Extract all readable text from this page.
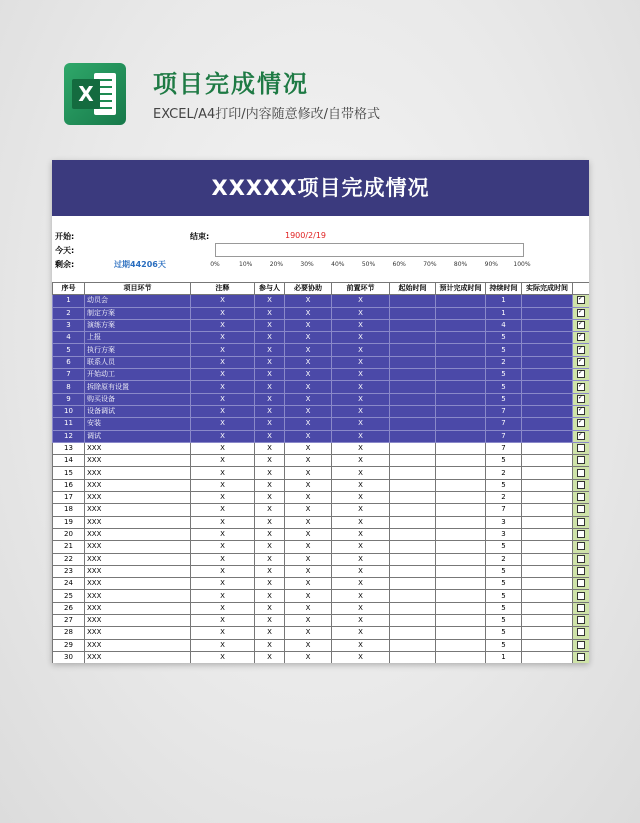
X 项目完成情况
EXCEL/A4打印/内容随意修改/自带格式
XXXXX项目完成情况
开始:
今天:
剩余:
结束:	1900/2/19
过期44206天	0%	10%	20%	30%	40%	50%	60%	70%	80%	90%	100%
序号	项目环节	注释	参与人	必要协助	前置环节	起始时间	预计完成时间	持续时间	实际完成时间	
1	动员会	X	X	X	X			1		✓
2	制定方案	X	X	X	X			1		✓
3	演练方案	X	X	X	X			4		✓
4	上报	X	X	X	X			5		✓
5	执行方案	X	X	X	X			5		✓
6	联系人员	X	X	X	X			2		✓
7	开始动工	X	X	X	X			5		✓
8	拆除原有设置	X	X	X	X			5		✓
9	购买设备	X	X	X	X			5		✓
10	设备调试	X	X	X	X			7		✓
11	安装	X	X	X	X			7		✓
12	调试	X	X	X	X			7		✓
13	XXX	X	X	X	X			7		
14	XXX	X	X	X	X			5		
15	XXX	X	X	X	X			2		
16	XXX	X	X	X	X			5		
17	XXX	X	X	X	X			2		
18	XXX	X	X	X	X			7		
19	XXX	X	X	X	X			3		
20	XXX	X	X	X	X			3		
21	XXX	X	X	X	X			5		
22	XXX	X	X	X	X			2		
23	XXX	X	X	X	X			5		
24	XXX	X	X	X	X			5		
25	XXX	X	X	X	X			5		
26	XXX	X	X	X	X			5		
27	XXX	X	X	X	X			5		
28	XXX	X	X	X	X			5		
29	XXX	X	X	X	X			5		
30	XXX	X	X	X	X			1		
